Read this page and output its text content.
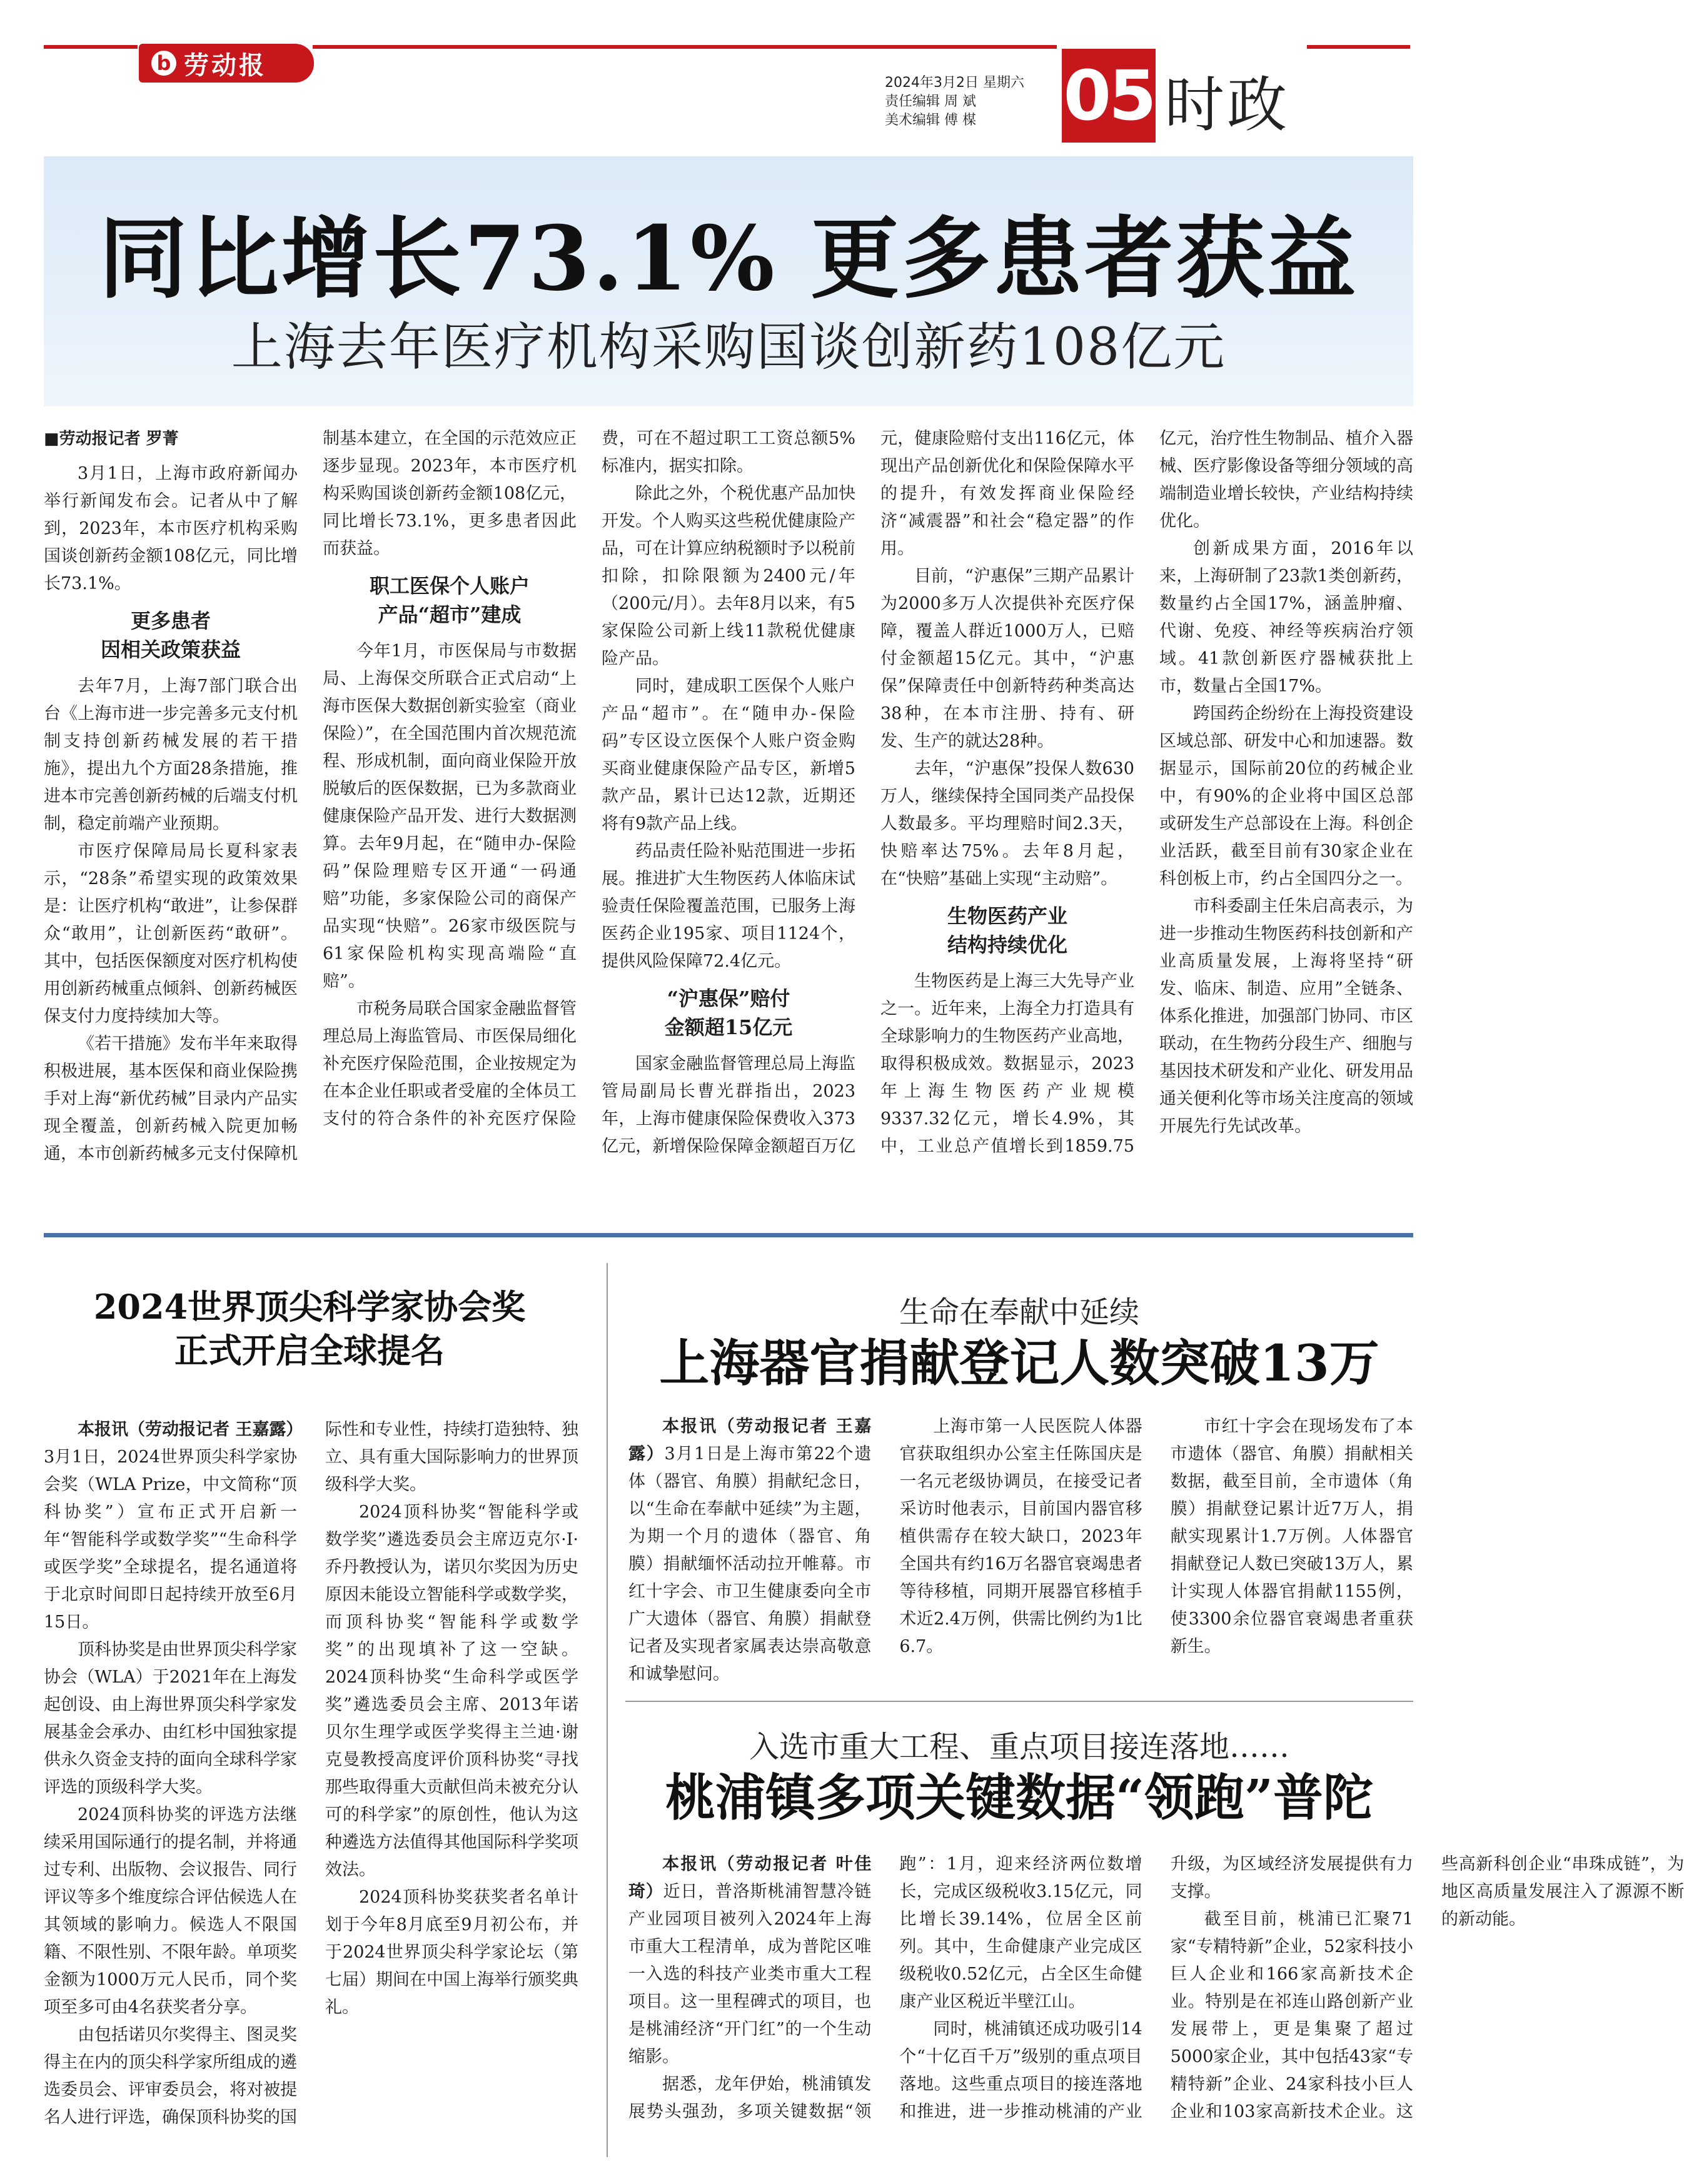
b 劳动报
2024年3月2日 星期六
责任编辑 周 斌
美术编辑 傅 楳	05 时政
同比增长73.1% 更多患者获益
上海去年医疗机构采购国谈创新药108亿元
■劳动报记者 罗菁

3月1日，上海市政府新闻办举行新闻发布会。记者从中了解到，2023年，本市医疗机构采购国谈创新药金额108亿元，同比增长73.1%。

更多患者
因相关政策获益

去年7月，上海7部门联合出台《上海市进一步完善多元支付机制支持创新药械发展的若干措施》，提出九个方面28条措施，推进本市完善创新药械的后端支付机制，稳定前端产业预期。

市医疗保障局局长夏科家表示，“28条”希望实现的政策效果是：让医疗机构“敢进”，让参保群众“敢用”，让创新医药“敢研”。其中，包括医保额度对医疗机构使用创新药械重点倾斜、创新药械医保支付力度持续加大等。

《若干措施》发布半年来取得积极进展，基本医保和商业保险携手对上海“新优药械”目录内产品实现全覆盖，创新药械入院更加畅通，本市创新药械多元支付保障机制基本建立，在全国的示范效应正逐步显现。2023年，本市医疗机构采购国谈创新药金额108亿元，同比增长73.1%，更多患者因此而获益。

职工医保个人账户
产品“超市”建成

今年1月，市医保局与市数据局、上海保交所联合正式启动“上海市医保大数据创新实验室（商业保险）”，在全国范围内首次规范流程、形成机制，面向商业保险开放脱敏后的医保数据，已为多款商业健康保险产品开发、进行大数据测算。去年9月起，在“随申办-保险码”保险理赔专区开通“一码通赔”功能，多家保险公司的商保产品实现“快赔”。26家市级医院与61家保险机构实现高端险“直赔”。

市税务局联合国家金融监督管理总局上海监管局、市医保局细化补充医疗保险范围，企业按规定为在本企业任职或者受雇的全体员工支付的符合条件的补充医疗保险费，可在不超过职工工资总额5%标准内，据实扣除。

除此之外，个税优惠产品加快开发。个人购买这些税优健康险产品，可在计算应纳税额时予以税前扣除，扣除限额为2400元/年（200元/月）。去年8月以来，有5家保险公司新上线11款税优健康险产品。

同时，建成职工医保个人账户产品“超市”。在“随申办-保险码”专区设立医保个人账户资金购买商业健康保险产品专区，新增5款产品，累计已达12款，近期还将有9款产品上线。

药品责任险补贴范围进一步拓展。推进扩大生物医药人体临床试验责任保险覆盖范围，已服务上海医药企业195家、项目1124个，提供风险保障72.4亿元。

“沪惠保”赔付
金额超15亿元

国家金融监督管理总局上海监管局副局长曹光群指出，2023年，上海市健康保险保费收入373亿元，新增保险保障金额超百万亿元，健康险赔付支出116亿元，体现出产品创新优化和保险保障水平的提升，有效发挥商业保险经济“减震器”和社会“稳定器”的作用。

目前，“沪惠保”三期产品累计为2000多万人次提供补充医疗保障，覆盖人群近1000万人，已赔付金额超15亿元。其中，“沪惠保”保障责任中创新特药种类高达38种，在本市注册、持有、研发、生产的就达28种。

去年，“沪惠保”投保人数630万人，继续保持全国同类产品投保人数最多。平均理赔时间2.3天，快赔率达75%。去年8月起，在“快赔”基础上实现“主动赔”。

生物医药产业
结构持续优化

生物医药是上海三大先导产业之一。近年来，上海全力打造具有全球影响力的生物医药产业高地，取得积极成效。数据显示，2023年上海生物医药产业规模9337.32亿元，增长4.9%，其中，工业总产值增长到1859.75亿元，治疗性生物制品、植介入器械、医疗影像设备等细分领域的高端制造业增长较快，产业结构持续优化。

创新成果方面，2016年以来，上海研制了23款1类创新药，数量约占全国17%，涵盖肿瘤、代谢、免疫、神经等疾病治疗领域。41款创新医疗器械获批上市，数量占全国17%。

跨国药企纷纷在上海投资建设区域总部、研发中心和加速器。数据显示，国际前20位的药械企业中，有90%的企业将中国区总部或研发生产总部设在上海。科创企业活跃，截至目前有30家企业在科创板上市，约占全国四分之一。

市科委副主任朱启高表示，为进一步推动生物医药科技创新和产业高质量发展，上海将坚持“研发、临床、制造、应用”全链条、体系化推进，加强部门协同、市区联动，在生物药分段生产、细胞与基因技术研发和产业化、研发用品通关便利化等市场关注度高的领域开展先行先试改革。

2024世界顶尖科学家协会奖
正式开启全球提名

本报讯（劳动报记者 王嘉露）3月1日，2024世界顶尖科学家协会奖（WLA Prize，中文简称“顶科协奖”）宣布正式开启新一年“智能科学或数学奖”“生命科学或医学奖”全球提名，提名通道将于北京时间即日起持续开放至6月15日。

顶科协奖是由世界顶尖科学家协会（WLA）于2021年在上海发起创设、由上海世界顶尖科学家发展基金会承办、由红杉中国独家提供永久资金支持的面向全球科学家评选的顶级科学大奖。

2024顶科协奖的评选方法继续采用国际通行的提名制，并将通过专利、出版物、会议报告、同行评议等多个维度综合评估候选人在其领域的影响力。候选人不限国籍、不限性别、不限年龄。单项奖金额为1000万元人民币，同个奖项至多可由4名获奖者分享。

由包括诺贝尔奖得主、图灵奖得主在内的顶尖科学家所组成的遴选委员会、评审委员会，将对被提名人进行评选，确保顶科协奖的国际性和专业性，持续打造独特、独立、具有重大国际影响力的世界顶级科学大奖。

2024顶科协奖“智能科学或数学奖”遴选委员会主席迈克尔·I·乔丹教授认为，诺贝尔奖因为历史原因未能设立智能科学或数学奖，而顶科协奖“智能科学或数学奖”的出现填补了这一空缺。2024顶科协奖“生命科学或医学奖”遴选委员会主席、2013年诺贝尔生理学或医学奖得主兰迪·谢克曼教授高度评价顶科协奖“寻找那些取得重大贡献但尚未被充分认可的科学家”的原创性，他认为这种遴选方法值得其他国际科学奖项效法。

2024顶科协奖获奖者名单计划于今年8月底至9月初公布，并于2024世界顶尖科学家论坛（第七届）期间在中国上海举行颁奖典礼。

生命在奉献中延续
上海器官捐献登记人数突破13万

本报讯（劳动报记者 王嘉露）3月1日是上海市第22个遗体（器官、角膜）捐献纪念日，以“生命在奉献中延续”为主题，为期一个月的遗体（器官、角膜）捐献缅怀活动拉开帷幕。市红十字会、市卫生健康委向全市广大遗体（器官、角膜）捐献登记者及实现者家属表达崇高敬意和诚挚慰问。

上海市第一人民医院人体器官获取组织办公室主任陈国庆是一名元老级协调员，在接受记者采访时他表示，目前国内器官移植供需存在较大缺口，2023年全国共有约16万名器官衰竭患者等待移植，同期开展器官移植手术近2.4万例，供需比例约为1比6.7。

市红十字会在现场发布了本市遗体（器官、角膜）捐献相关数据，截至目前，全市遗体（角膜）捐献登记累计近7万人，捐献实现累计1.7万例。人体器官捐献登记人数已突破13万人，累计实现人体器官捐献1155例，使3300余位器官衰竭患者重获新生。

入选市重大工程、重点项目接连落地……
桃浦镇多项关键数据“领跑”普陀

本报讯（劳动报记者 叶佳琦）近日，普洛斯桃浦智慧冷链产业园项目被列入2024年上海市重大工程清单，成为普陀区唯一入选的科技产业类市重大工程项目。这一里程碑式的项目，也是桃浦经济“开门红”的一个生动缩影。

据悉，龙年伊始，桃浦镇发展势头强劲，多项关键数据“领跑”：1月，迎来经济两位数增长，完成区级税收3.15亿元，同比增长39.14%，位居全区前列。其中，生命健康产业完成区级税收0.52亿元，占全区生命健康产业区税近半壁江山。

同时，桃浦镇还成功吸引14个“十亿百千万”级别的重点项目落地。这些重点项目的接连落地和推进，进一步推动桃浦的产业升级，为区域经济发展提供有力支撑。

截至目前，桃浦已汇聚71家“专精特新”企业，52家科技小巨人企业和166家高新技术企业。特别是在祁连山路创新产业发展带上，更是集聚了超过5000家企业，其中包括43家“专精特新”企业、24家科技小巨人企业和103家高新技术企业。这些高新科创企业“串珠成链”，为地区高质量发展注入了源源不断的新动能。
